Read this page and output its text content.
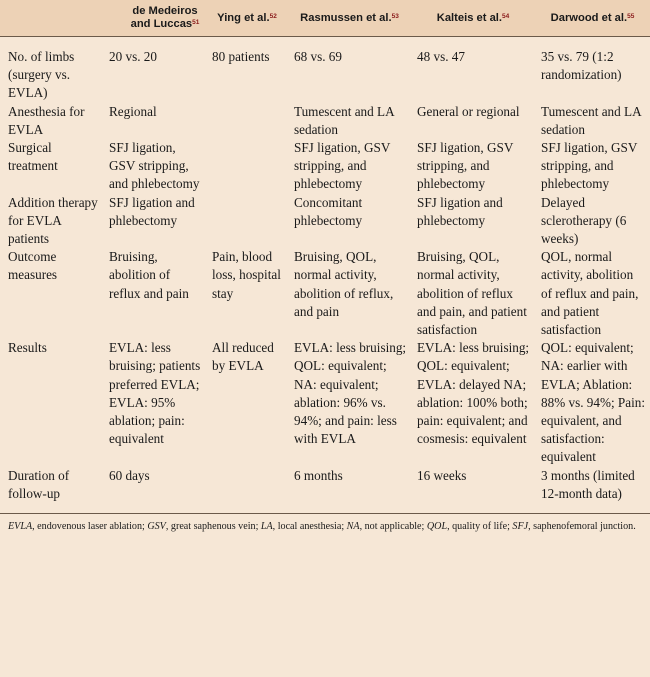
	de Medeiros and Luccas$^{51}$	Ying et al.$^{52}$	Rasmussen et al.$^{53}$	Kalteis et al.$^{54}$	Darwood et al.$^{55}$
No. of limbs (surgery vs. EVLA)	20 vs. 20	80 patients	68 vs. 69	48 vs. 47	35 vs. 79 (1:2 randomization)
Anesthesia for EVLA	Regional		Tumescent and LA sedation	General or regional	Tumescent and LA sedation
Surgical treatment	SFJ ligation, GSV stripping, and phlebectomy		SFJ ligation, GSV stripping, and phlebectomy	SFJ ligation, GSV stripping, and phlebectomy	SFJ ligation, GSV stripping, and phlebectomy
Addition therapy for EVLA patients	SFJ ligation and phlebectomy		Concomitant phlebectomy	SFJ ligation and phlebectomy	Delayed sclerotherapy (6 weeks)
Outcome measures	Bruising, abolition of reflux and pain	Pain, blood loss, hospital stay	Bruising, QOL, normal activity, abolition of reflux, and pain	Bruising, QOL, normal activity, abolition of reflux and pain, and patient satisfaction	QOL, normal activity, abolition of reflux and pain, and patient satisfaction
Results	EVLA: less bruising; patients preferred EVLA; EVLA: 95% ablation; pain: equivalent	All reduced by EVLA	EVLA: less bruising; QOL: equivalent; NA: equivalent; ablation: 96% vs. 94%; and pain: less with EVLA	EVLA: less bruising; QOL: equivalent; EVLA: delayed NA; ablation: 100% both; pain: equivalent; and cosmesis: equivalent	QOL: equivalent; NA: earlier with EVLA; Ablation: 88% vs. 94%; Pain: equivalent, and satisfaction: equivalent
Duration of follow-up	60 days		6 months	16 weeks	3 months (limited 12-month data)
EVLA, endovenous laser ablation; GSV, great saphenous vein; LA, local anesthesia; NA, not applicable; QOL, quality of life; SFJ, saphenofemoral junction.					
